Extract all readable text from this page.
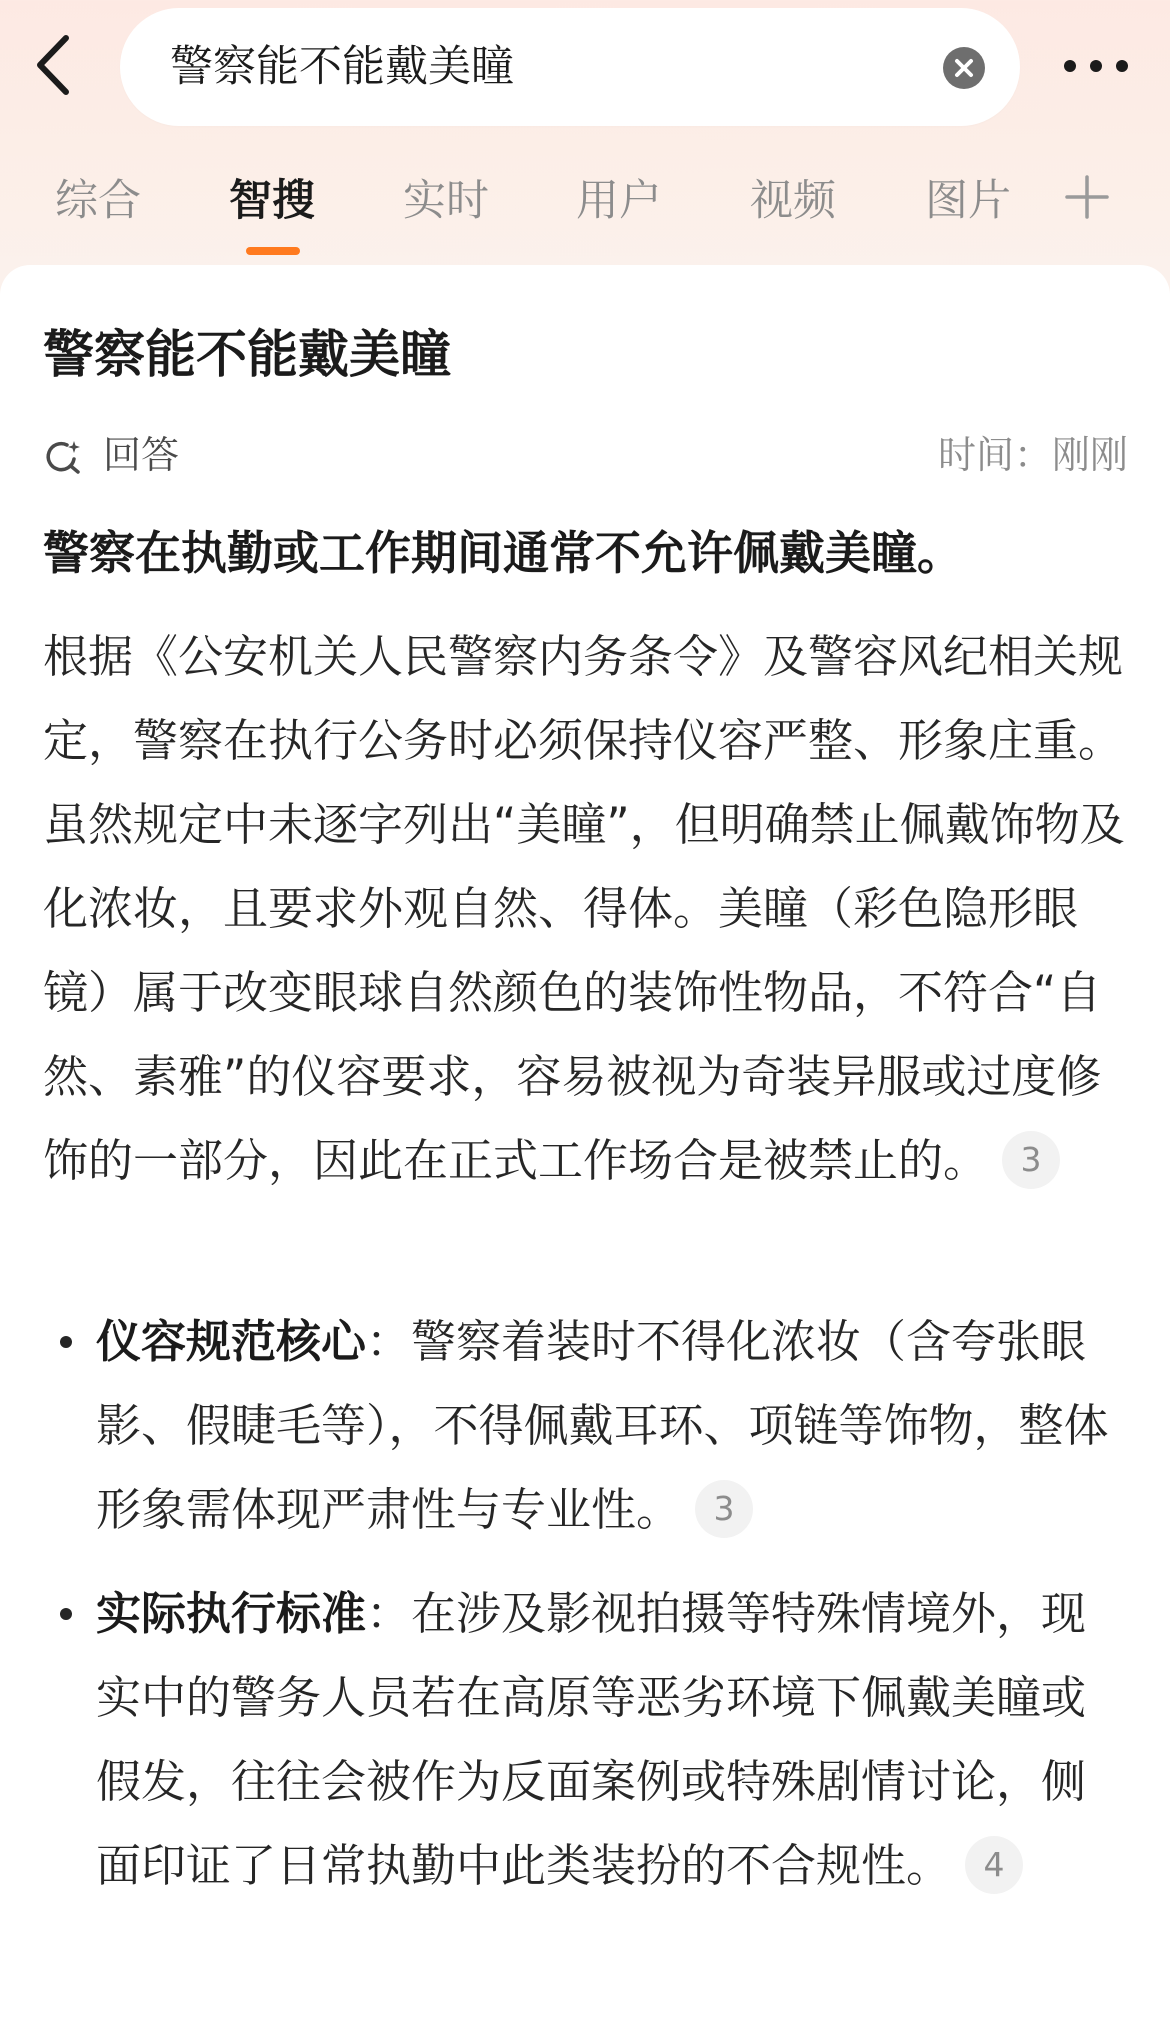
警察能不能戴美瞳
综合 智搜 实时 用户 视频 图片
警察能不能戴美瞳
回答	时间：刚刚
警察在执勤或工作期间通常不允许佩戴美瞳。
根据《公安机关人民警察内务条令》及警容风纪相关规定，警察在执行公务时必须保持仪容严整、形象庄重。虽然规定中未逐字列出“美瞳”，但明确禁止佩戴饰物及化浓妆，且要求外观自然、得体。美瞳（彩色隐形眼镜）属于改变眼球自然颜色的装饰性物品，不符合“自然、素雅”的仪容要求，容易被视为奇装异服或过度修饰的一部分，因此在正式工作场合是被禁止的。 3
仪容规范核心：警察着装时不得化浓妆（含夸张眼影、假睫毛等），不得佩戴耳环、项链等饰物，整体形象需体现严肃性与专业性。 3
实际执行标准：在涉及影视拍摄等特殊情境外，现实中的警务人员若在高原等恶劣环境下佩戴美瞳或假发，往往会被作为反面案例或特殊剧情讨论，侧面印证了日常执勤中此类装扮的不合规性。 4
